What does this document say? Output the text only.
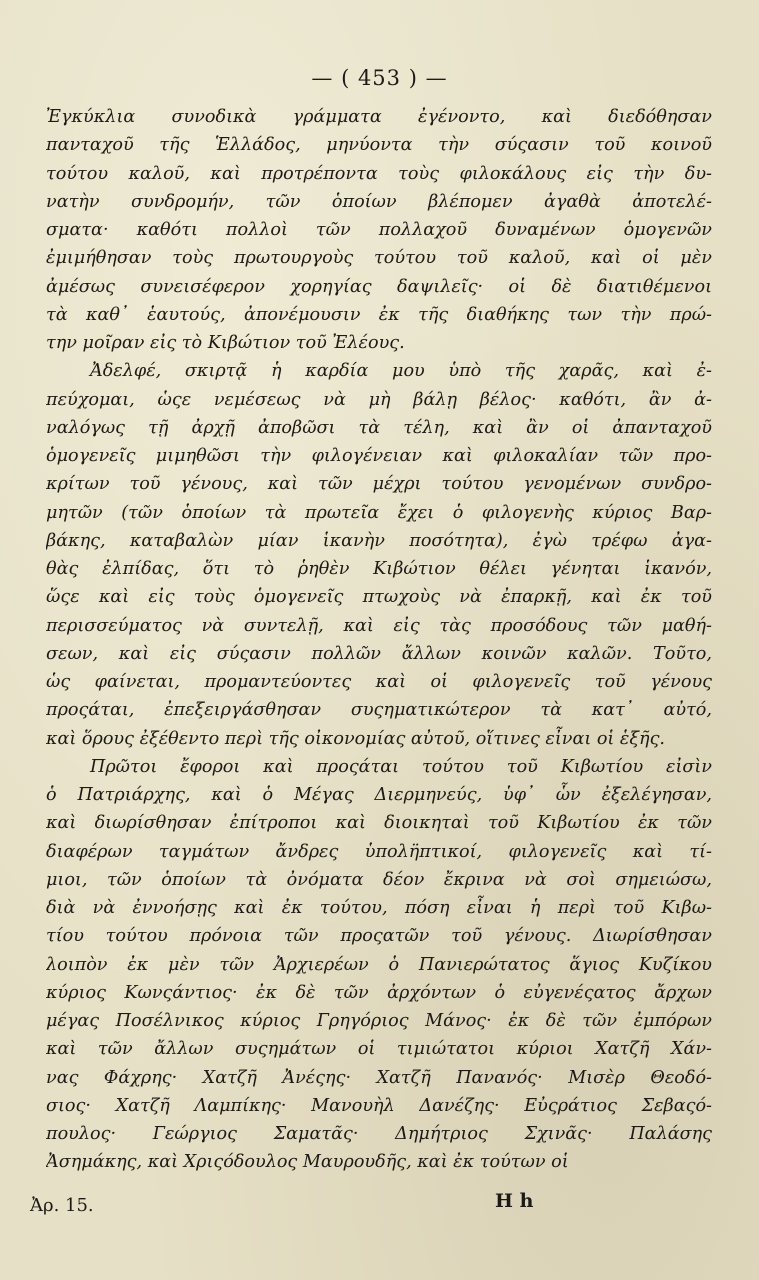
— ( 453 ) —
Ἐγκύκλια συνοδικὰ γράμματα ἐγένοντο, καὶ διεδόθησαν
πανταχοῦ τῆς Ἑλλάδος, μηνύοντα τὴν σύςασιν τοῦ κοινοῦ
τούτου καλοῦ, καὶ προτρέποντα τοὺς φιλοκάλους εἰς τὴν δυ-
νατὴν συνδρομήν, τῶν ὁποίων βλέπομεν ἀγαθὰ ἀποτελέ-
σματα· καθότι πολλοὶ τῶν πολλαχοῦ δυναμένων ὁμογενῶν
ἐμιμήθησαν τοὺς πρωτουργοὺς τούτου τοῦ καλοῦ, καὶ οἱ μὲν
ἀμέσως συνεισέφερον χορηγίας δαψιλεῖς· οἱ δὲ διατιθέμενοι
τὰ καθ᾽ ἑαυτούς, ἀπονέμουσιν ἐκ τῆς διαθήκης των τὴν πρώ-
την μοῖραν εἰς τὸ Κιβώτιον τοῦ Ἐλέους.
Ἀδελφέ, σκιρτᾷ ἡ καρδία μου ὑπὸ τῆς χαρᾶς, καὶ ἐ-
πεύχομαι, ὡςε νεμέσεως νὰ μὴ βάλῃ βέλος· καθότι, ἂν ἀ-
ναλόγως τῇ ἀρχῇ ἀποβῶσι τὰ τέλη, καὶ ἂν οἱ ἀπανταχοῦ
ὁμογενεῖς μιμηθῶσι τὴν φιλογένειαν καὶ φιλοκαλίαν τῶν προ-
κρίτων τοῦ γένους, καὶ τῶν μέχρι τούτου γενομένων συνδρο-
μητῶν (τῶν ὁποίων τὰ πρωτεῖα ἔχει ὁ φιλογενὴς κύριος Βαρ-
βάκης, καταβαλὼν μίαν ἱκανὴν ποσότητα), ἐγὼ τρέφω ἀγα-
θὰς ἐλπίδας, ὅτι τὸ ῥηθὲν Κιβώτιον θέλει γένηται ἱκανόν,
ὥςε καὶ εἰς τοὺς ὁμογενεῖς πτωχοὺς νὰ ἐπαρκῇ, καὶ ἐκ τοῦ
περισσεύματος νὰ συντελῇ, καὶ εἰς τὰς προσόδους τῶν μαθή-
σεων, καὶ εἰς σύςασιν πολλῶν ἄλλων κοινῶν καλῶν. Τοῦτο,
ὡς φαίνεται, προμαντεύοντες καὶ οἱ φιλογενεῖς τοῦ γένους
προςάται, ἐπεξειργάσθησαν συςηματικώτερον τὰ κατ᾽ αὐτό,
καὶ ὅρους ἐξέθεντο περὶ τῆς οἰκονομίας αὐτοῦ, οἵτινες εἶναι οἱ ἑξῆς.
Πρῶτοι ἔφοροι καὶ προςάται τούτου τοῦ Κιβωτίου εἰσὶν
ὁ Πατριάρχης, καὶ ὁ Μέγας Διερμηνεύς, ὑφ᾽ ὧν ἐξελέγησαν,
καὶ διωρίσθησαν ἐπίτροποι καὶ διοικηταὶ τοῦ Κιβωτίου ἐκ τῶν
διαφέρων ταγμάτων ἄνδρες ὑπολη̈πτικοί, φιλογενεῖς καὶ τί-
μιοι, τῶν ὁποίων τὰ ὀνόματα δέον ἔκρινα νὰ σοὶ σημειώσω,
διὰ νὰ ἐννοήσῃς καὶ ἐκ τούτου, πόση εἶναι ἡ περὶ τοῦ Κιβω-
τίου τούτου πρόνοια τῶν προςατῶν τοῦ γένους. Διωρίσθησαν
λοιπὸν ἐκ μὲν τῶν Ἀρχιερέων ὁ Πανιερώτατος ἅγιος Κυζίκου
κύριος Κωνςάντιος· ἐκ δὲ τῶν ἀρχόντων ὁ εὐγενέςατος ἄρχων
μέγας Ποσέλνικος κύριος Γρηγόριος Μάνος· ἐκ δὲ τῶν ἐμπόρων
καὶ τῶν ἄλλων συςημάτων οἱ τιμιώτατοι κύριοι Χατζῆ Χάν-
νας Φάχρης· Χατζῆ Ἀνέςης· Χατζῆ Πανανός· Μισὲρ Θεοδό-
σιος· Χατζῆ Λαμπίκης· Μανουὴλ Δανέζης· Εὐςράτιος Σεβαςό-
πουλος· Γεώργιος Σαματᾶς· Δημήτριος Σχινᾶς· Παλάσης
Ἀσημάκης, καὶ Χριςόδουλος Μαυρουδῆς, καὶ ἐκ τούτων οἱ
Ἀρ. 15.	H h
